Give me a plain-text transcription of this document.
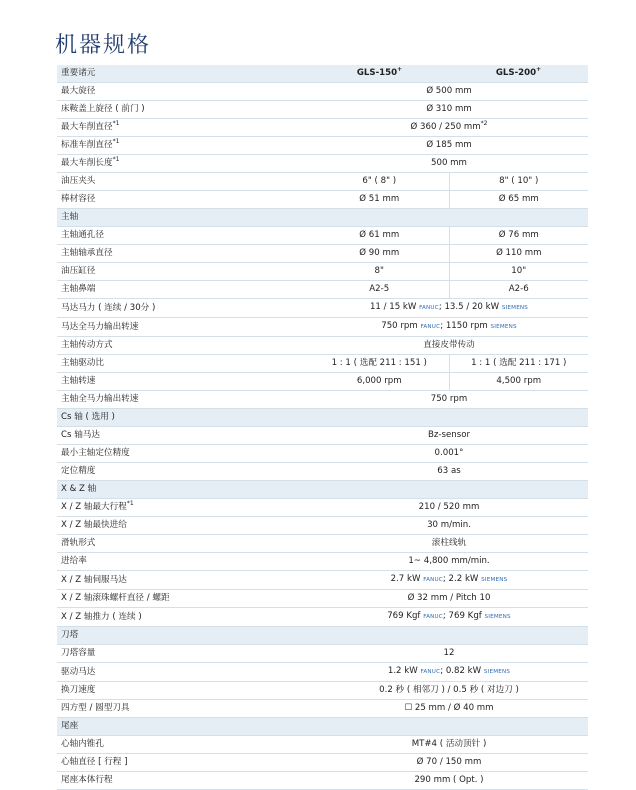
机器规格
重要诸元	GLS-150+	GLS-200+
最大旋径	Ø 500 mm	
床鞍盖上旋径 ( 前门 )	Ø 310 mm	
最大车削直径$^{*1}$	Ø 360 / 250 $mm^{*2}$
标准车削直径$^{*1}$	Ø 185 mm	
最大车削长度$^{*1}$	500 mm	
油压夹头	6" ( 8" )	8" ( 10" )
棒材容径	Ø 51 mm	Ø 65 mm
主轴		
主轴通孔径	Ø 61 mm	Ø 76 mm
主轴轴承直径	Ø 90 mm	Ø 110 mm
油压缸径	8"	10"
主轴鼻端	A2-5	A2-6
马达马力 ( 连续 / 30分 )	11 / 15 kW FANUC; 13.5 / 20 kW SIEMENS	
马达全马力输出转速	750 rpm FANUC; 1150 rpm SIEMENS	
主轴传动方式	直接皮带传动	
主轴驱动比	1 : 1 ( 选配 211 : 151 )	1 : 1 ( 选配 211 : 171 )
主轴转速	6,000 rpm	4,500 rpm
主轴全马力输出转速	750 rpm	
Cs 轴 ( 选用 )		
Cs 轴马达	Bz-sensor	
最小主轴定位精度	0.001°	
定位精度	63 as	
X & Z 轴		
X / Z 轴最大行程$^{*1}$	210 / 520 mm	
X / Z 轴最快进给	30 m/min.	
滑轨形式	滚柱线轨	
进给率	1~ 4,800 mm/min.	
X / Z 轴伺服马达	2.7 kW FANUC; 2.2 kW SIEMENS	
X / Z 轴滚珠螺杆直径 / 螺距	Ø 32 mm / Pitch 10	
X / Z 轴推力 ( 连续 )	769 Kgf FANUC; 769 Kgf SIEMENS	
刀塔		
刀塔容量	12	
驱动马达	1.2 kW FANUC; 0.82 kW SIEMENS	
换刀速度	0.2 秒 ( 相邻刀 ) / 0.5 秒 ( 对边刀 )	
四方型 / 圆型刀具	☐ 25 mm / Ø 40 mm	
尾座		
心轴内锥孔	MT#4 ( 活动顶针 )	
心轴直径 [ 行程 ]	Ø 70 / 150 mm	
尾座本体行程	290 mm ( Opt. )	
